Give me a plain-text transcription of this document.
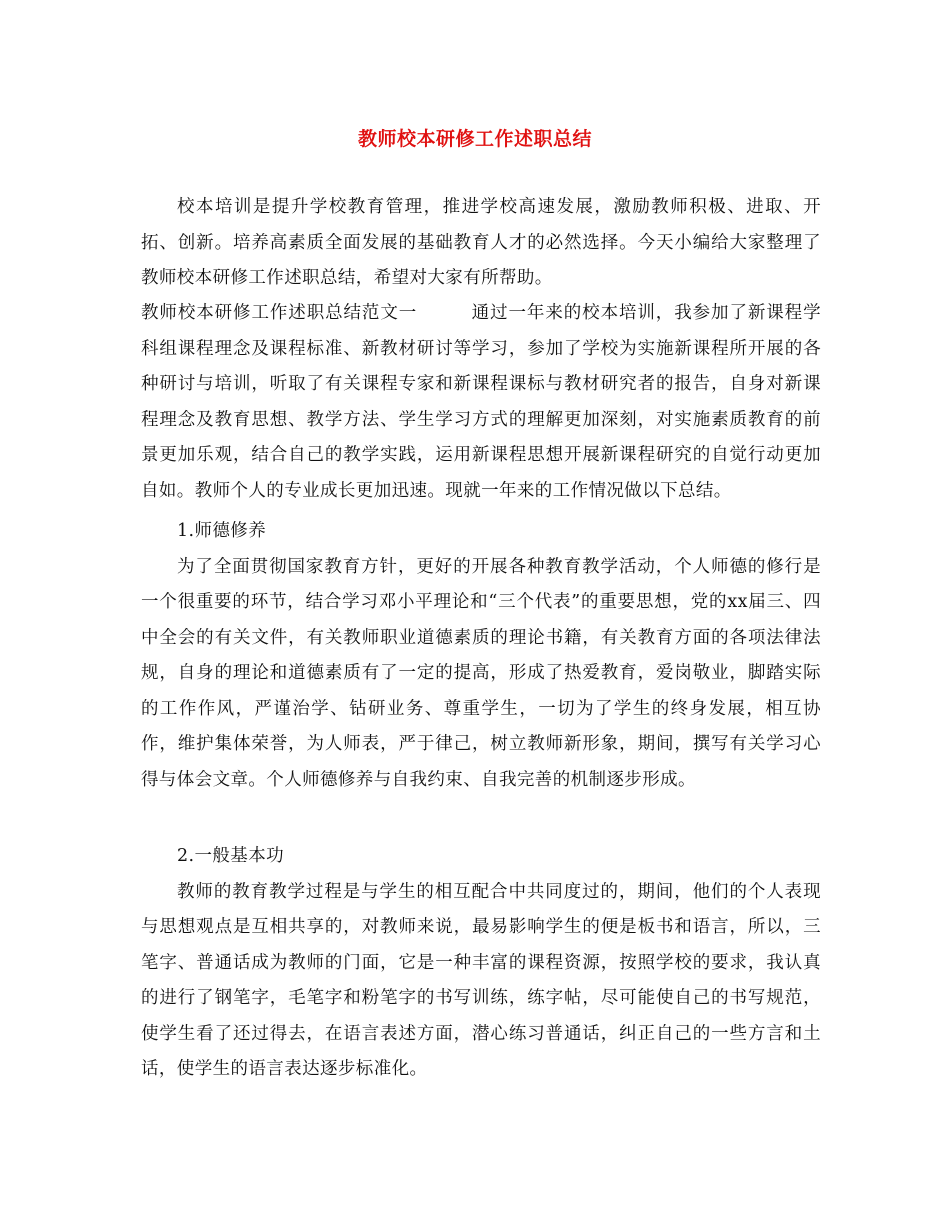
教师校本研修工作述职总结

校本培训是提升学校教育管理，推进学校高速发展，激励教师积极、进取、开拓、创新。培养高素质全面发展的基础教育人才的必然选择。今天小编给大家整理了教师校本研修工作述职总结，希望对大家有所帮助。

教师校本研修工作述职总结范文一	通过一年来的校本培训，我参加了新课程学科组课程理念及课程标准、新教材研讨等学习，参加了学校为实施新课程所开展的各种研讨与培训，听取了有关课程专家和新课程课标与教材研究者的报告，自身对新课程理念及教育思想、教学方法、学生学习方式的理解更加深刻，对实施素质教育的前景更加乐观，结合自己的教学实践，运用新课程思想开展新课程研究的自觉行动更加自如。教师个人的专业成长更加迅速。现就一年来的工作情况做以下总结。

1.师德修养

为了全面贯彻国家教育方针，更好的开展各种教育教学活动，个人师德的修行是一个很重要的环节，结合学习邓小平理论和“三个代表”的重要思想，党的xx届三、四中全会的有关文件，有关教师职业道德素质的理论书籍，有关教育方面的各项法律法规，自身的理论和道德素质有了一定的提高，形成了热爱教育，爱岗敬业，脚踏实际的工作作风，严谨治学、钻研业务、尊重学生，一切为了学生的终身发展，相互协作，维护集体荣誉，为人师表，严于律己，树立教师新形象，期间，撰写有关学习心得与体会文章。个人师德修养与自我约束、自我完善的机制逐步形成。

2.一般基本功

教师的教育教学过程是与学生的相互配合中共同度过的，期间，他们的个人表现与思想观点是互相共享的，对教师来说，最易影响学生的便是板书和语言，所以，三笔字、普通话成为教师的门面，它是一种丰富的课程资源，按照学校的要求，我认真的进行了钢笔字，毛笔字和粉笔字的书写训练，练字帖，尽可能使自己的书写规范，使学生看了还过得去，在语言表述方面，潜心练习普通话，纠正自己的一些方言和土话，使学生的语言表达逐步标准化。
